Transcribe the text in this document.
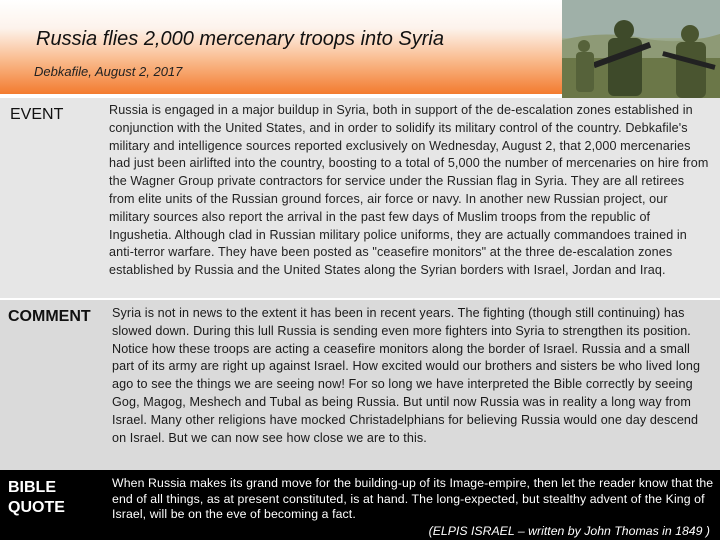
Russia flies 2,000 mercenary troops into Syria
Debkafile, August 2, 2017
EVENT	Russia is engaged in a major buildup in Syria, both in support of the de-escalation zones established in conjunction with the United States, and in order to solidify its military control of the country. Debkafile's military and intelligence sources reported exclusively on Wednesday, August 2, that 2,000 mercenaries had just been airlifted into the country, boosting to a total of 5,000 the number of mercenaries on hire from the Wagner Group private contractors for service under the Russian flag in Syria. They are all retirees from elite units of the Russian ground forces, air force or navy. In another new Russian project, our military sources also report the arrival in the past few days of Muslim troops from the republic of Ingushetia. Although clad in Russian military police uniforms, they are actually commandoes trained in anti-terror warfare. They have been posted as "ceasefire monitors" at the three de-escalation zones established by Russia and the United States along the Syrian borders with Israel, Jordan and Iraq.
COMMENT Syria is not in news to the extent it has been in recent years. The fighting (though still continuing) has slowed down. During this lull Russia is sending even more fighters into Syria to strengthen its position. Notice how these troops are acting a ceasefire monitors along the border of Israel. Russia and a small part of its army are right up against Israel. How excited would our brothers and sisters be who lived long ago to see the things we are seeing now! For so long we have interpreted the Bible correctly by seeing Gog, Magog, Meshech and Tubal as being Russia. But until now Russia was in reality a long way from Israel. Many other religions have mocked Christadelphians for believing Russia would one day descend on Israel. But we can now see how close we are to this.
BIBLE QUOTE
When Russia makes its grand move for the building-up of its Image-empire, then let the reader know that the end of all things, as at present constituted, is at hand. The long-expected, but stealthy advent of the King of Israel, will be on the eve of becoming a fact.
(ELPIS ISRAEL – written by John Thomas in 1849 )
